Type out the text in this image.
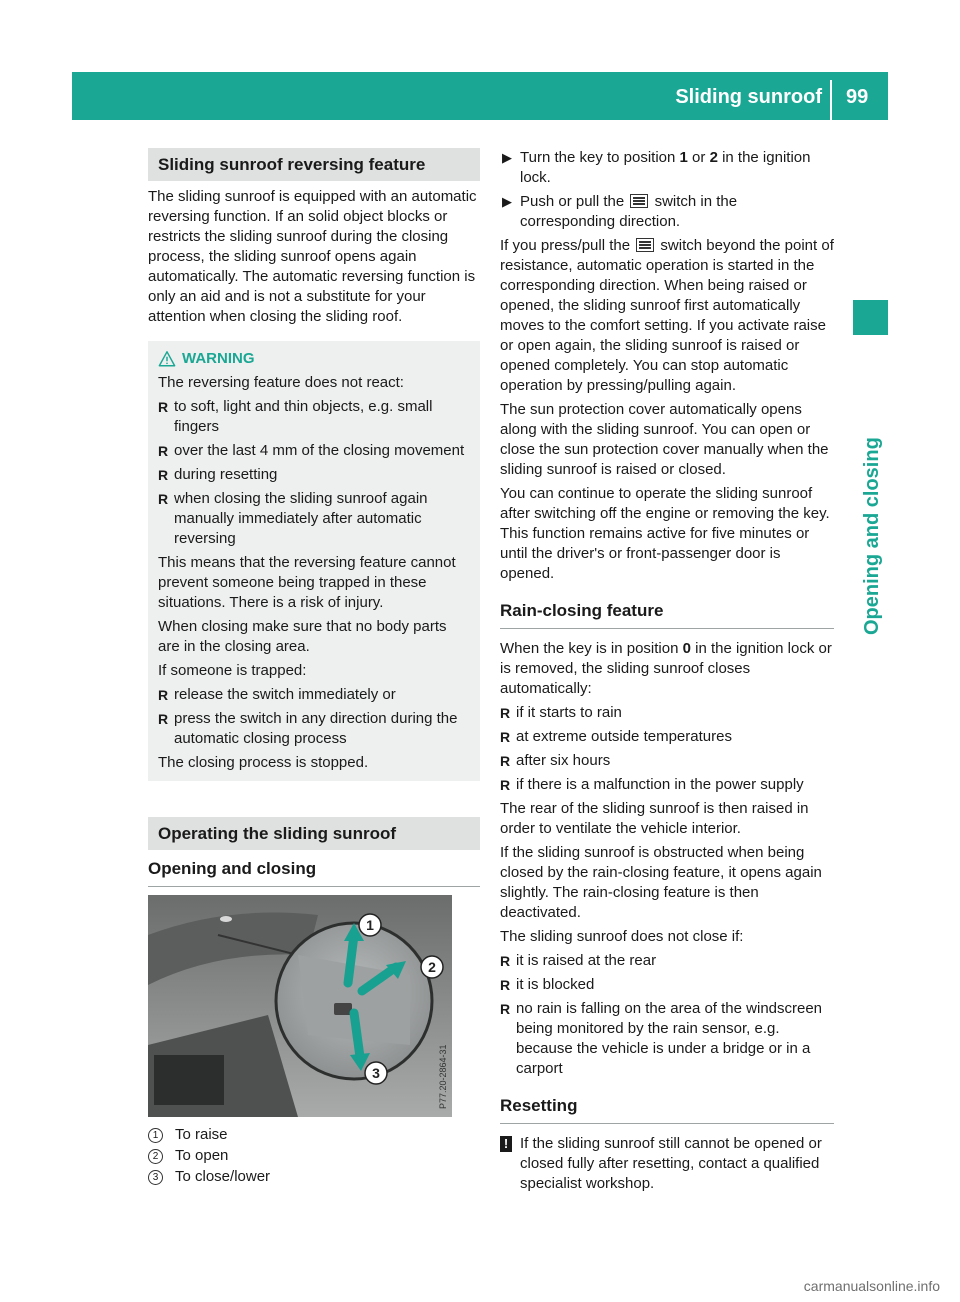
Sliding sunroof 99
Opening and closing
Sliding sunroof reversing feature

The sliding sunroof is equipped with an automatic reversing function. If an solid object blocks or restricts the sliding sunroof during the closing process, the sliding sunroof opens again automatically. The automatic reversing function is only an aid and is not a substitute for your attention when closing the sliding roof.

WARNING

The reversing feature does not react:

R to soft, light and thin objects, e.g. small fingers
R over the last 4 mm of the closing movement
R during resetting
R when closing the sliding sunroof again manually immediately after automatic reversing

This means that the reversing feature cannot prevent someone being trapped in these situations. There is a risk of injury.

When closing make sure that no body parts are in the closing area.

If someone is trapped:

R release the switch immediately or
R press the switch in any direction during the automatic closing process

The closing process is stopped.

Operating the sliding sunroof
Opening and closing
1
2
3	P77.20-2864-31
1	To raise
2	To open
3	To close/lower
▶ Turn the key to position 1 or 2 in the ignition lock.
▶ Push or pull the
switch in the corresponding direction.

If you press/pull the
switch beyond the point of resistance, automatic operation is started in the corresponding direction. When being raised or opened, the sliding sunroof first automatically moves to the comfort setting. If you activate raise or open again, the sliding sunroof is raised or opened completely. You can stop automatic operation by pressing/pulling again.

The sun protection cover automatically opens along with the sliding sunroof. You can open or close the sun protection cover manually when the sliding sunroof is raised or closed.

You can continue to operate the sliding sunroof after switching off the engine or removing the key. This function remains active for five minutes or until the driver's or front-passenger door is opened.

Rain-closing feature

When the key is in position 0 in the ignition lock or is removed, the sliding sunroof closes automatically:

R if it starts to rain
R at extreme outside temperatures
R after six hours
R if there is a malfunction in the power supply

The rear of the sliding sunroof is then raised in order to ventilate the vehicle interior.

If the sliding sunroof is obstructed when being closed by the rain-closing feature, it opens again slightly. The rain-closing feature is then deactivated.

The sliding sunroof does not close if:

R it is raised at the rear
R it is blocked
R no rain is falling on the area of the windscreen being monitored by the rain sensor, e.g. because the vehicle is under a bridge or in a carport
Resetting
! If the sliding sunroof still cannot be opened or closed fully after resetting, contact a qualified specialist workshop.
carmanualsonline.info
